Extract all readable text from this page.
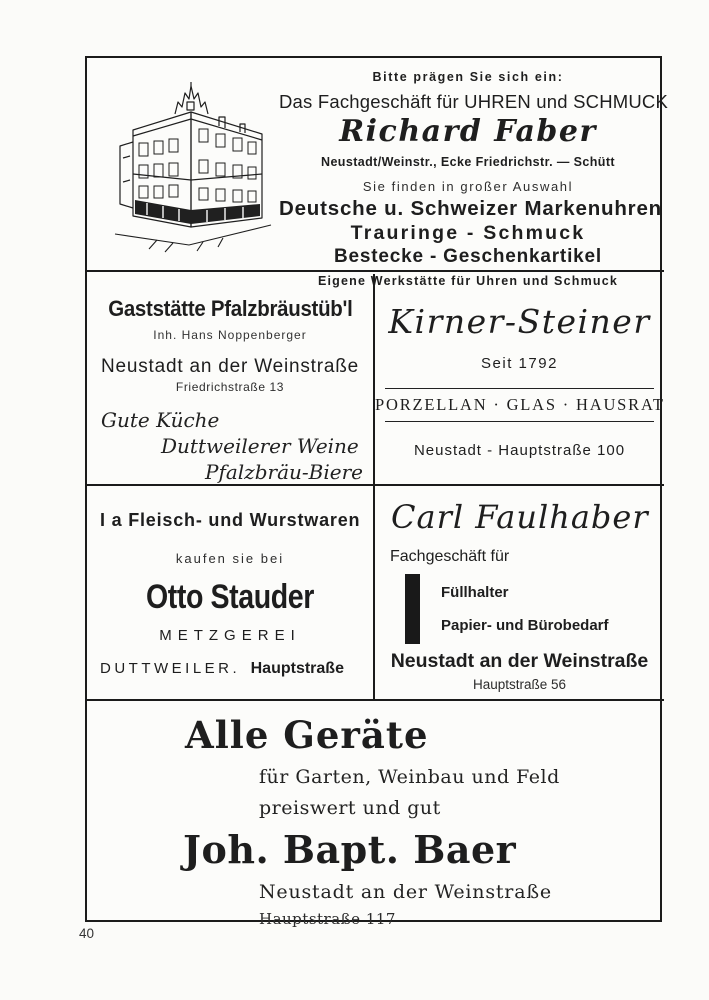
Bitte prägen Sie sich ein:
Das Fachgeschäft für UHREN und SCHMUCK
Richard Faber
Neustadt/Weinstr., Ecke Friedrichstr. — Schütt
Sie finden in großer Auswahl
Deutsche u. Schweizer Markenuhren
Trauringe - Schmuck
Bestecke - Geschenkartikel
Eigene Werkstätte für Uhren und Schmuck
Gaststätte Pfalzbräustüb'l
Inh. Hans Noppenberger
Neustadt an der Weinstraße
Friedrichstraße 13
Gute Küche
Duttweilerer Weine
Pfalzbräu-Biere
Kirner-Steiner
Seit 1792
PORZELLAN · GLAS · HAUSRAT
Neustadt - Hauptstraße 100
I a Fleisch- und Wurstwaren
kaufen sie bei
Otto Stauder
METZGEREI
DUTTWEILER. Hauptstraße
Carl Faulhaber
Fachgeschäft für
Füllhalter
Papier- und Bürobedarf
Neustadt an der Weinstraße
Hauptstraße 56
Alle Geräte
für Garten, Weinbau und Feld
preiswert und gut
Joh. Bapt. Baer
Neustadt an der Weinstraße
Hauptstraße 117
40
